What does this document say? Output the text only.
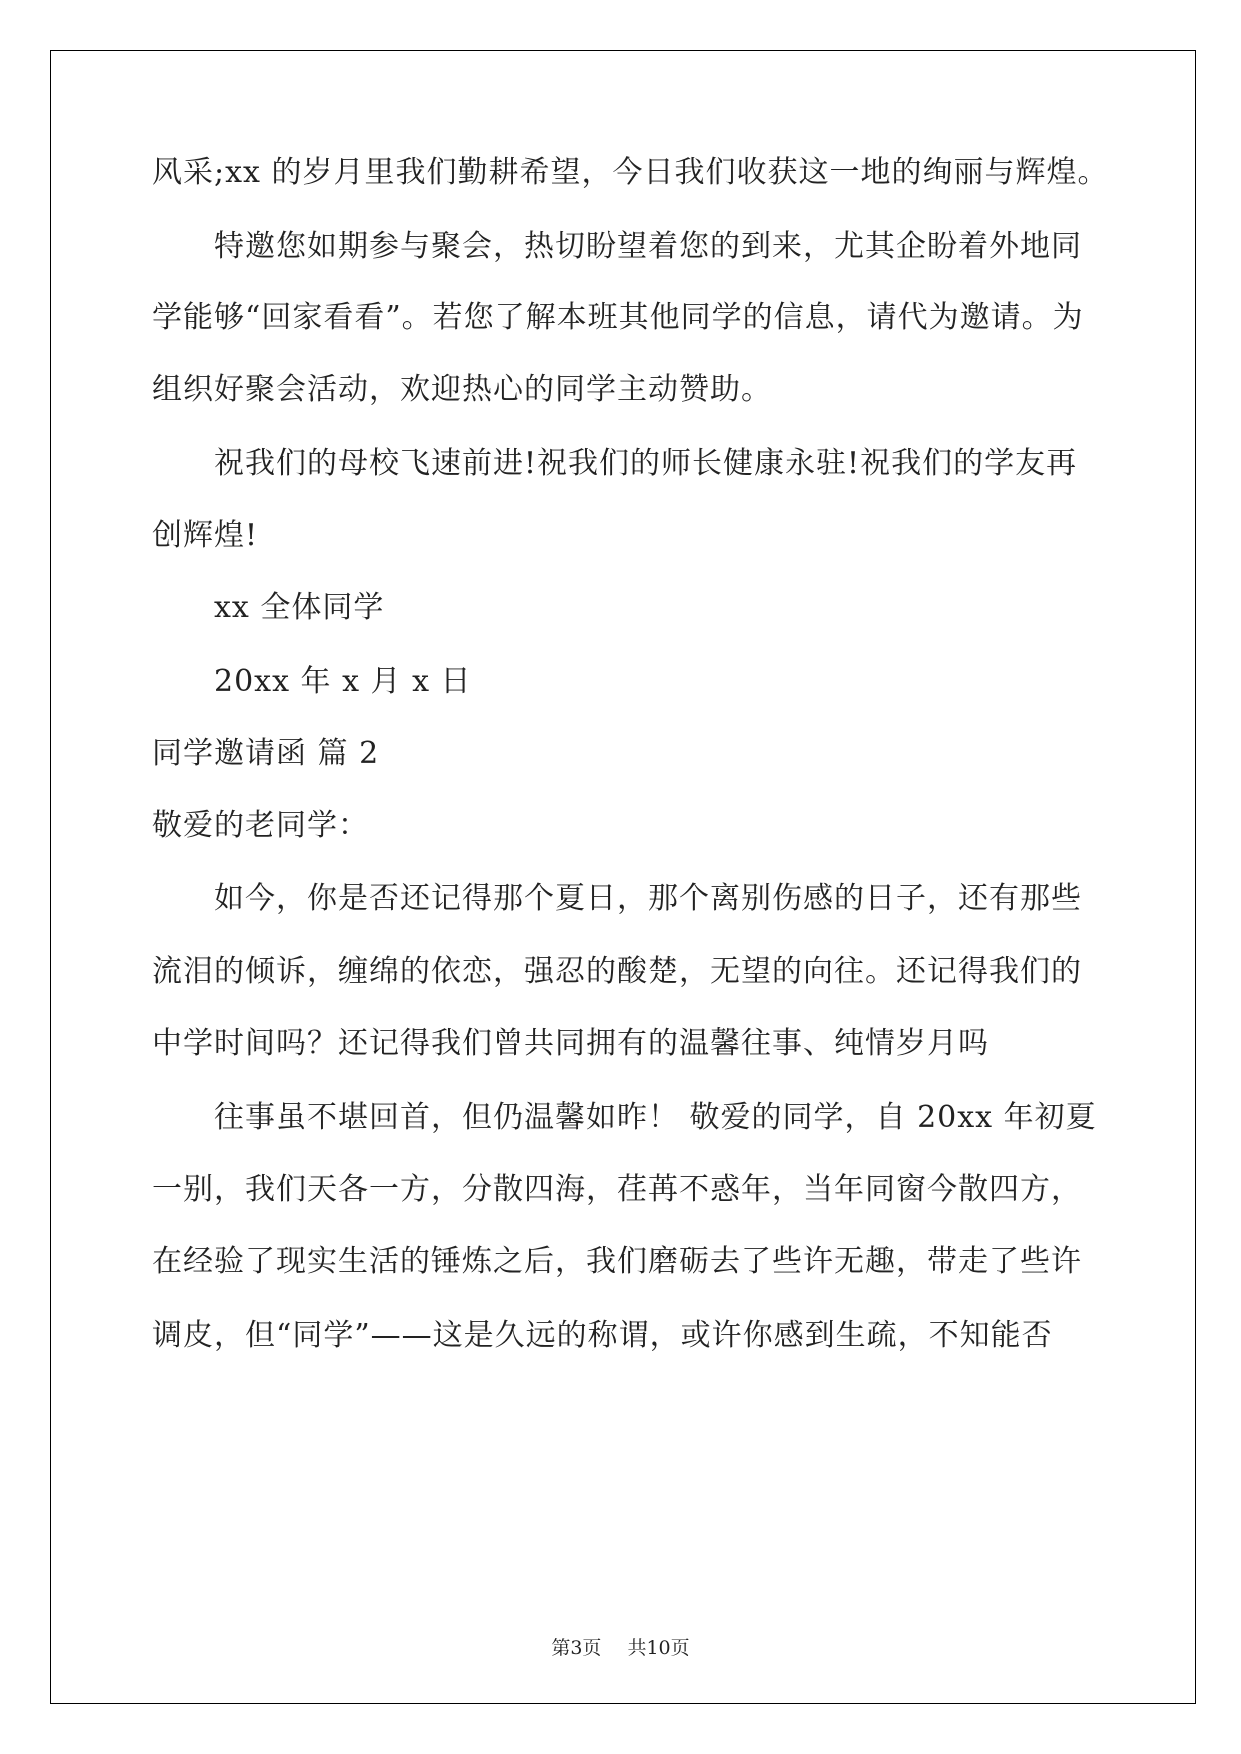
风采;xx 的岁月里我们勤耕希望，今日我们收获这一地的绚丽与辉煌。
特邀您如期参与聚会，热切盼望着您的到来，尤其企盼着外地同
学能够“回家看看”。若您了解本班其他同学的信息，请代为邀请。为
组织好聚会活动，欢迎热心的同学主动赞助。
祝我们的母校飞速前进!祝我们的师长健康永驻!祝我们的学友再
创辉煌!
xx 全体同学
20xx 年 x 月 x 日
同学邀请函 篇 2
敬爱的老同学：
如今，你是否还记得那个夏日，那个离别伤感的日子，还有那些
流泪的倾诉，缠绵的依恋，强忍的酸楚，无望的向往。还记得我们的
中学时间吗？还记得我们曾共同拥有的温馨往事、纯情岁月吗
往事虽不堪回首，但仍温馨如昨！ 敬爱的同学，自 20xx 年初夏
一别，我们天各一方，分散四海，荏苒不惑年，当年同窗今散四方，
在经验了现实生活的锤炼之后，我们磨砺去了些许无趣，带走了些许
调皮，但“同学”——这是久远的称谓，或许你感到生疏，不知能否
第3页 共10页
